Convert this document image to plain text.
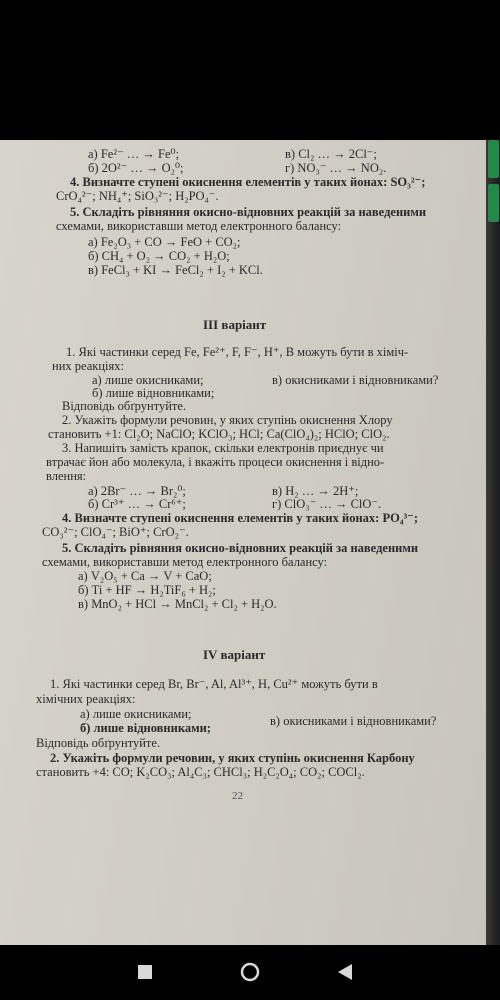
а) Fe²⁻ … → Fe⁰;	в) Cl₂ … → 2Cl⁻;
б) 2O²⁻ … → O₂⁰;	г) NO₃⁻ … → NO₂.
4. Визначте ступені окиснення елементів у таких йонах: SO₃²⁻;
CrO₄²⁻; NH₄⁺; SiO₃²⁻; H₂PO₄⁻.
5. Складіть рівняння окисно-відновних реакцій за наведеними
схемами, використавши метод електронного балансу:
а) Fe₂O₃ + CO → FeO + CO₂;
б) CH₄ + O₂ → CO₂ + H₂O;
в) FeCl₃ + KI → FeCl₂ + I₂ + KCl.
III варіант
1. Які частинки серед Fe, Fe²⁺, F, F⁻, H⁺, B можуть бути в хіміч-
них реакціях:
а) лише окисниками;	в) окисниками і відновниками?
б) лише відновниками;
Відповідь обґрунтуйте.
2. Укажіть формули речовин, у яких ступінь окиснення Хлору
становить +1: Cl₂O; NaClO; KClO₃; HCl; Ca(ClO₄)₂; HClO; ClO₂.
3. Напишіть замість крапок, скільки електронів приєднує чи
втрачає йон або молекула, і вкажіть процеси окиснення і відно-
влення:
а) 2Br⁻ … → Br₂⁰;	в) H₂ … → 2H⁺;
б) Cr³⁺ … → Cr⁶⁺;	г) ClO₃⁻ … → ClO⁻.
4. Визначте ступені окиснення елементів у таких йонах: PO₄³⁻;
CO₃²⁻; ClO₄⁻; BiO⁺; CrO₂⁻.
5. Складіть рівняння окисно-відновних реакцій за наведеними
схемами, використавши метод електронного балансу:
а) V₂O₅ + Ca → V + CaO;
б) Ti + HF → H₂TiF₆ + H₂;
в) MnO₂ + HCl → MnCl₂ + Cl₂ + H₂O.
IV варіант
1. Які частинки серед Br, Br⁻, Al, Al³⁺, H, Cu²⁺ можуть бути в
хімічних реакціях:
а) лише окисниками;	в) окисниками і відновниками?
б) лише відновниками;
Відповідь обґрунтуйте.
2. Укажіть формули речовин, у яких ступінь окиснення Карбону
становить +4: CO; K₂CO₃; Al₄C₃; CHCl₃; H₂C₂O₄; CO₂; COCl₂.
22
